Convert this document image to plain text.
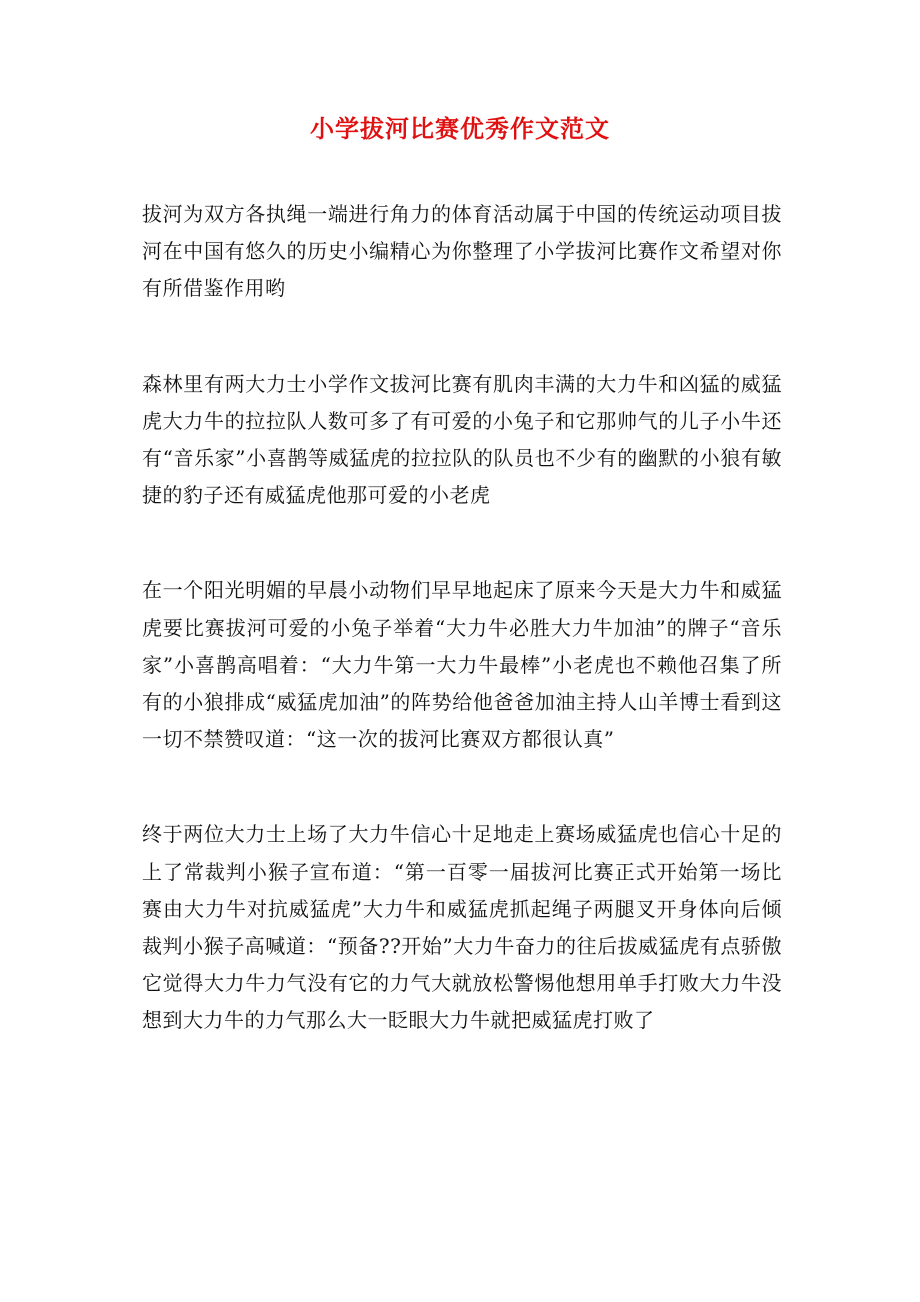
小学拔河比赛优秀作文范文

拔河为双方各执绳一端进行角力的体育活动属于中国的传统运动项目拔河在中国有悠久的历史小编精心为你整理了小学拔河比赛作文希望对你有所借鉴作用哟

森林里有两大力士小学作文拔河比赛有肌肉丰满的大力牛和凶猛的威猛虎大力牛的拉拉队人数可多了有可爱的小兔子和它那帅气的儿子小牛还有“音乐家”小喜鹊等威猛虎的拉拉队的队员也不少有的幽默的小狼有敏捷的豹子还有威猛虎他那可爱的小老虎

在一个阳光明媚的早晨小动物们早早地起床了原来今天是大力牛和威猛虎要比赛拔河可爱的小兔子举着“大力牛必胜大力牛加油”的牌子“音乐家”小喜鹊高唱着：“大力牛第一大力牛最棒”小老虎也不赖他召集了所有的小狼排成“威猛虎加油”的阵势给他爸爸加油主持人山羊博士看到这一切不禁赞叹道：“这一次的拔河比赛双方都很认真”

终于两位大力士上场了大力牛信心十足地走上赛场威猛虎也信心十足的上了常裁判小猴子宣布道：“第一百零一届拔河比赛正式开始第一场比赛由大力牛对抗威猛虎”大力牛和威猛虎抓起绳子两腿叉开身体向后倾裁判小猴子高喊道：“预备??开始”大力牛奋力的往后拔威猛虎有点骄傲它觉得大力牛力气没有它的力气大就放松警惕他想用单手打败大力牛没想到大力牛的力气那么大一眨眼大力牛就把威猛虎打败了
